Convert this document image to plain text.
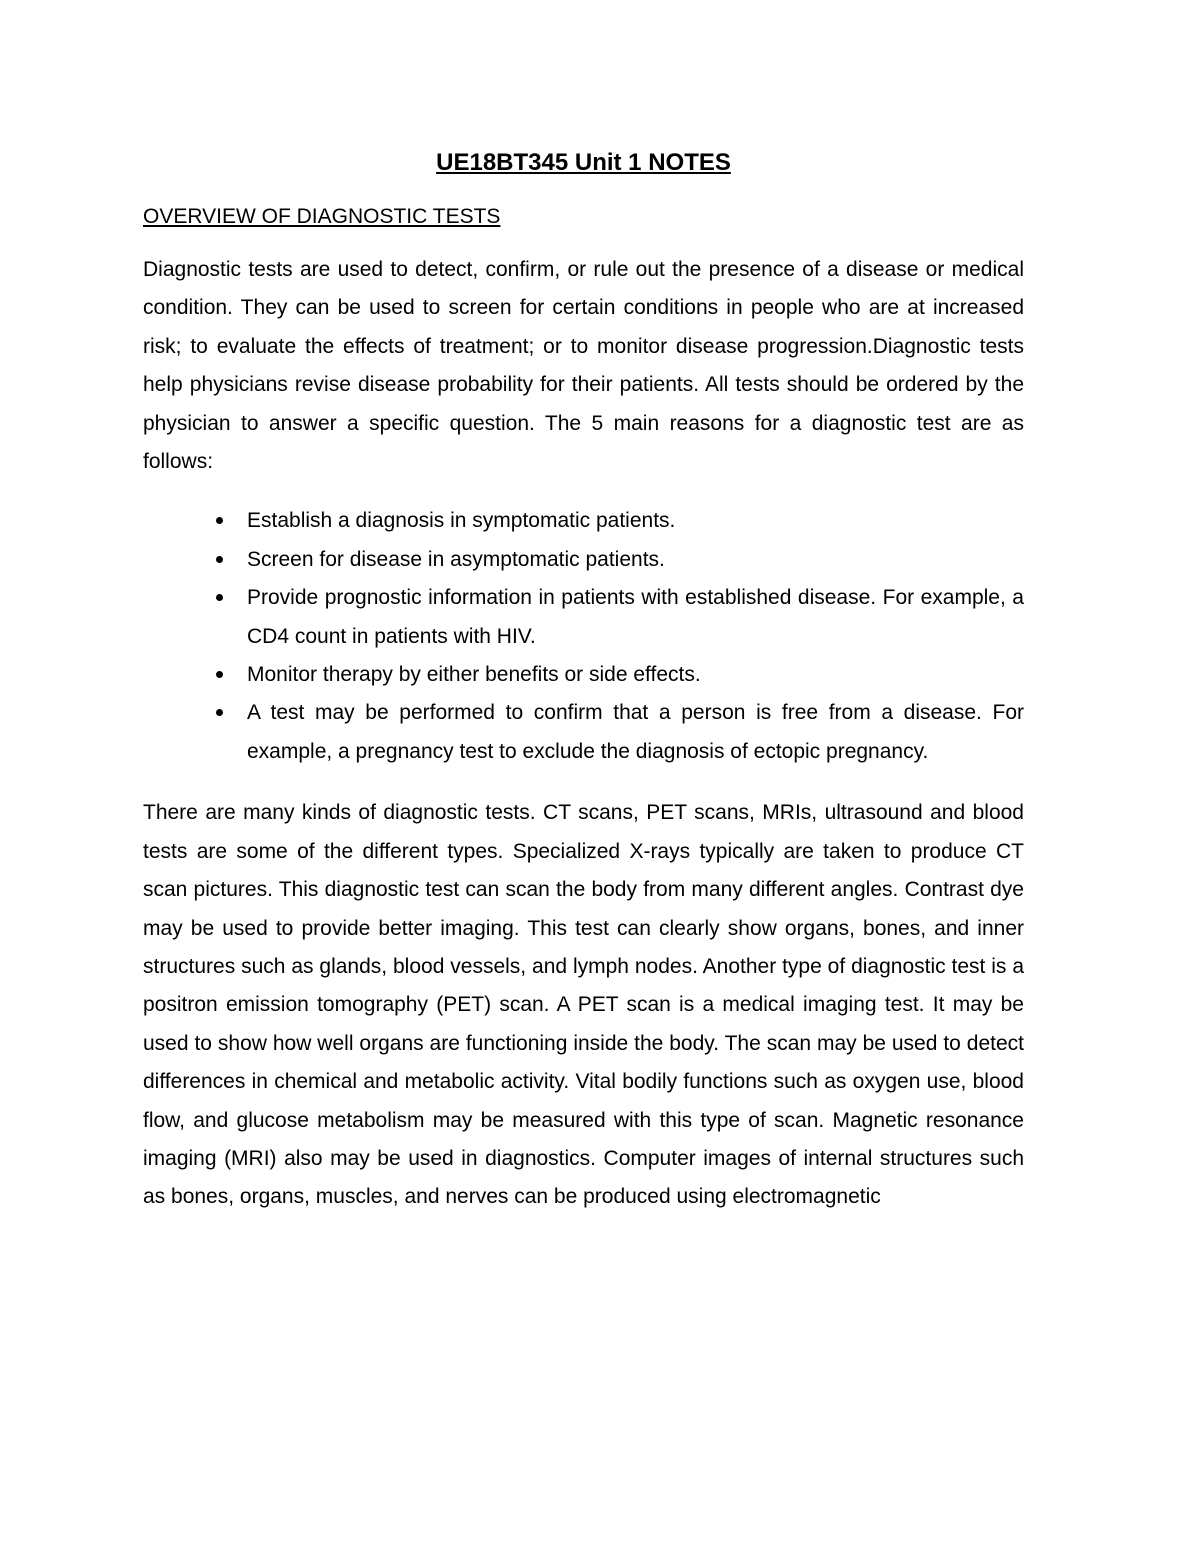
UE18BT345 Unit 1 NOTES
OVERVIEW OF DIAGNOSTIC TESTS

Diagnostic tests are used to detect, confirm, or rule out the presence of a disease or medical condition. They can be used to screen for certain conditions in people who are at increased risk; to evaluate the effects of treatment; or to monitor disease progression.Diagnostic tests help physicians revise disease probability for their patients. All tests should be ordered by the physician to answer a specific question. The 5 main reasons for a diagnostic test are as follows:

Establish a diagnosis in symptomatic patients.
Screen for disease in asymptomatic patients.
Provide prognostic information in patients with established disease. For example, a CD4 count in patients with HIV.
Monitor therapy by either benefits or side effects.
A test may be performed to confirm that a person is free from a disease. For example, a pregnancy test to exclude the diagnosis of ectopic pregnancy.

There are many kinds of diagnostic tests. CT scans, PET scans, MRIs, ultrasound and blood tests are some of the different types. Specialized X-rays typically are taken to produce CT scan pictures. This diagnostic test can scan the body from many different angles. Contrast dye may be used to provide better imaging. This test can clearly show organs, bones, and inner structures such as glands, blood vessels, and lymph nodes. Another type of diagnostic test is a positron emission tomography (PET) scan. A PET scan is a medical imaging test. It may be used to show how well organs are functioning inside the body. The scan may be used to detect differences in chemical and metabolic activity. Vital bodily functions such as oxygen use, blood flow, and glucose metabolism may be measured with this type of scan. Magnetic resonance imaging (MRI) also may be used in diagnostics. Computer images of internal structures such as bones, organs, muscles, and nerves can be produced using electromagnetic
